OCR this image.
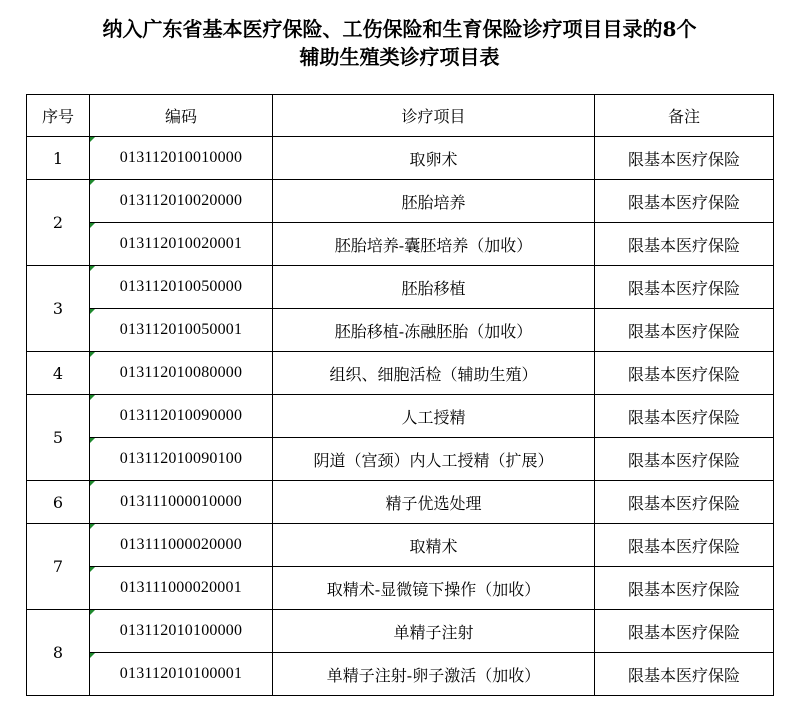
纳入广东省基本医疗保险、工伤保险和生育保险诊疗项目目录的8个
辅助生殖类诊疗项目表
序号	编码	诊疗项目	备注
1	013112010010000	取卵术	限基本医疗保险
2	013112010020000	胚胎培养	限基本医疗保险

013112010020001	胚胎培养-囊胚培养（加收）	限基本医疗保险
3	013112010050000	胚胎移植	限基本医疗保险

013112010050001	胚胎移植-冻融胚胎（加收）	限基本医疗保险
4	013112010080000	组织、细胞活检（辅助生殖）	限基本医疗保险
5	013112010090000	人工授精	限基本医疗保险

013112010090100	阴道（宫颈）内人工授精（扩展）	限基本医疗保险
6	013111000010000	精子优选处理	限基本医疗保险
7	013111000020000	取精术	限基本医疗保险

013111000020001	取精术-显微镜下操作（加收）	限基本医疗保险
8	013112010100000	单精子注射	限基本医疗保险

013112010100001	单精子注射-卵子激活（加收）	限基本医疗保险
